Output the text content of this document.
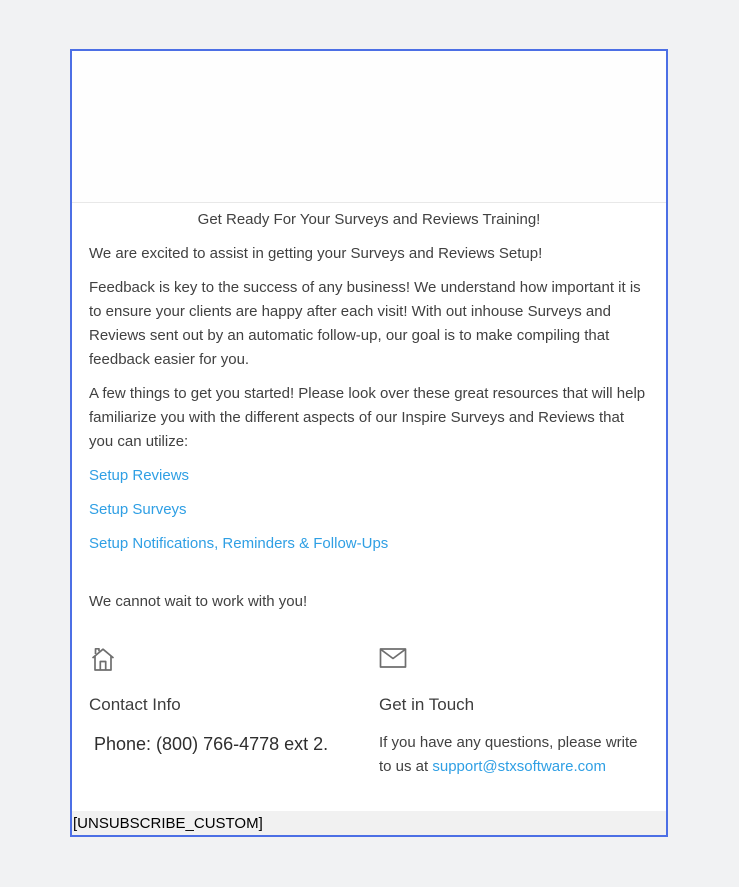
Get Ready For Your Surveys and Reviews Training!

We are excited to assist in getting your Surveys and Reviews Setup!

Feedback is key to the success of any business! We understand how important it is to ensure your clients are happy after each visit! With out inhouse Surveys and Reviews sent out by an automatic follow-up, our goal is to make compiling that feedback easier for you.

A few things to get you started! Please look over these great resources that will help familiarize you with the different aspects of our Inspire Surveys and Reviews that you can utilize:

Setup Reviews

Setup Surveys

Setup Notifications, Reminders & Follow-Ups

We cannot wait to work with you!

Contact Info
Phone: (800) 766-4778 ext 2.
Get in Touch
If you have any questions, please write to us at support@stxsoftware.com
[UNSUBSCRIBE_CUSTOM]
